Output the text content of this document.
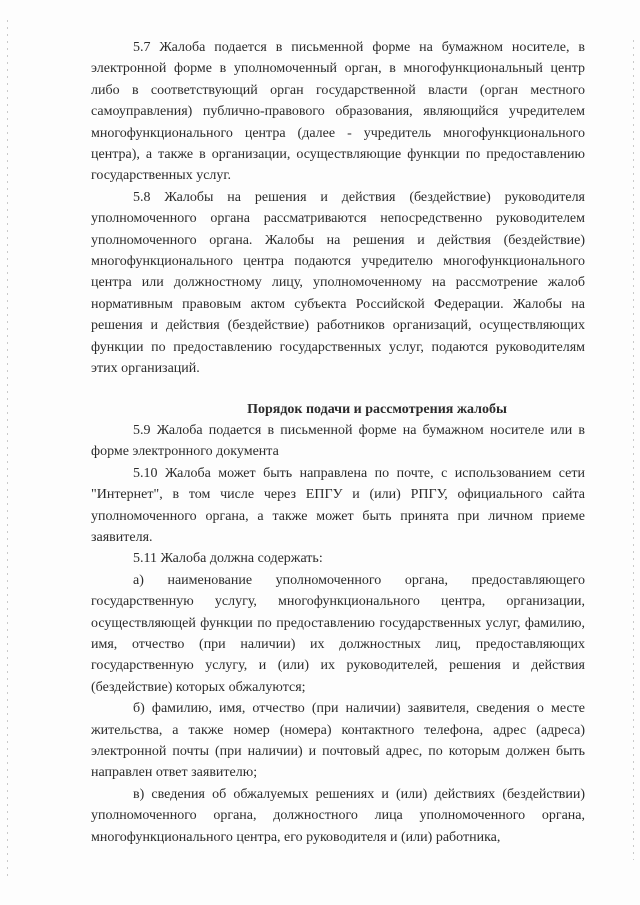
5.7 Жалоба подается в письменной форме на бумажном носителе, в электронной форме в уполномоченный орган, в многофункциональный центр либо в соответствующий орган государственной власти (орган местного самоуправления) публично-правового образования, являющийся учредителем многофункционального центра (далее - учредитель многофункционального центра), а также в организации, осуществляющие функции по предоставлению государственных услуг.

5.8 Жалобы на решения и действия (бездействие) руководителя уполномоченного органа рассматриваются непосредственно руководителем уполномоченного органа. Жалобы на решения и действия (бездействие) многофункционального центра подаются учредителю многофункционального центра или должностному лицу, уполномоченному на рассмотрение жалоб нормативным правовым актом субъекта Российской Федерации. Жалобы на решения и действия (бездействие) работников организаций, осуществляющих функции по предоставлению государственных услуг, подаются руководителям этих организаций.

Порядок подачи и рассмотрения жалобы

5.9 Жалоба подается в письменной форме на бумажном носителе или в форме электронного документа

5.10 Жалоба может быть направлена по почте, с использованием сети "Интернет", в том числе через ЕПГУ и (или) РПГУ, официального сайта уполномоченного органа, а также может быть принята при личном приеме заявителя.

5.11 Жалоба должна содержать:

а) наименование уполномоченного органа, предоставляющего государственную услугу, многофункционального центра, организации, осуществляющей функции по предоставлению государственных услуг, фамилию, имя, отчество (при наличии) их должностных лиц, предоставляющих государственную услугу, и (или) их руководителей, решения и действия (бездействие) которых обжалуются;

б) фамилию, имя, отчество (при наличии) заявителя, сведения о месте жительства, а также номер (номера) контактного телефона, адрес (адреса) электронной почты (при наличии) и почтовый адрес, по которым должен быть направлен ответ заявителю;

в) сведения об обжалуемых решениях и (или) действиях (бездействии) уполномоченного органа, должностного лица уполномоченного органа, многофункционального центра, его руководителя и (или) работника,
